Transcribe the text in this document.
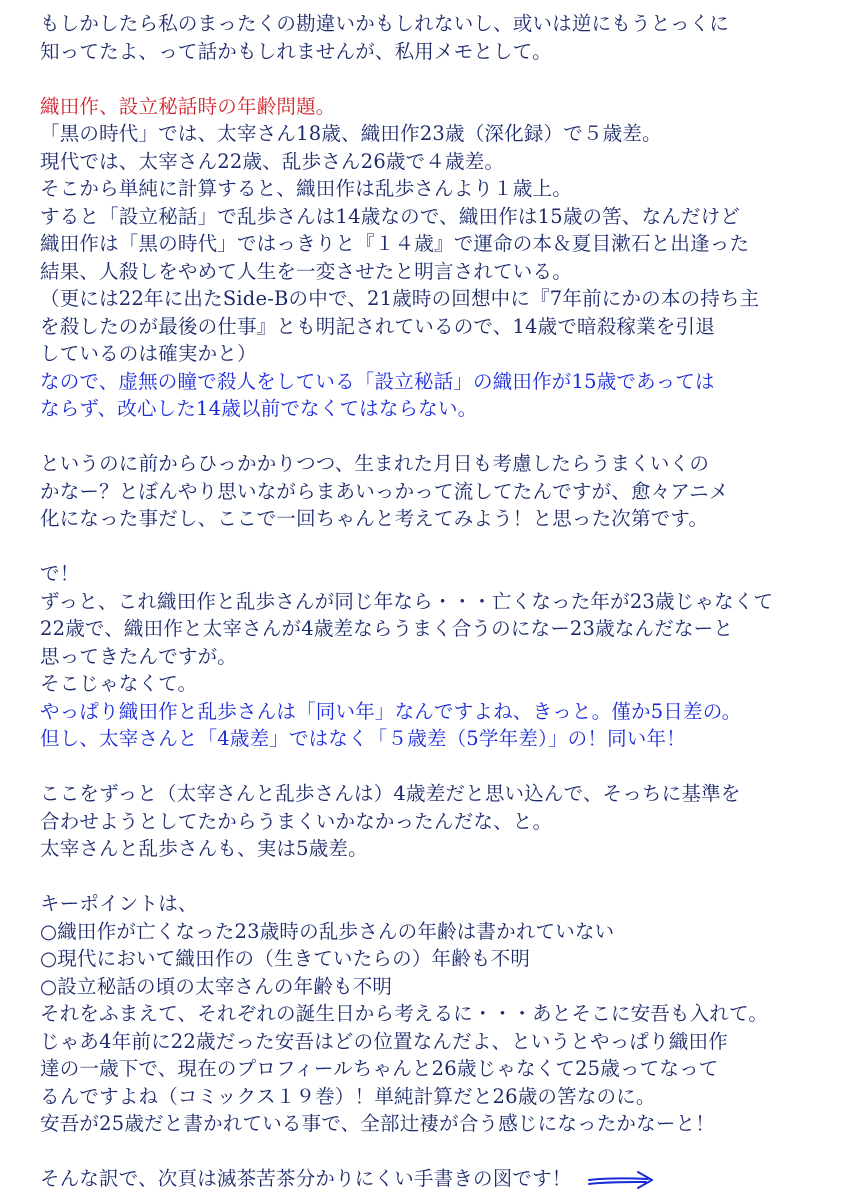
もしかしたら私のまったくの勘違いかもしれないし、或いは逆にもうとっくに
知ってたよ、って話かもしれませんが、私用メモとして。
織田作、設立秘話時の年齢問題。
「黒の時代」では、太宰さん18歳、織田作23歳（深化録）で５歳差。
現代では、太宰さん22歳、乱歩さん26歳で４歳差。
そこから単純に計算すると、織田作は乱歩さんより１歳上。
すると「設立秘話」で乱歩さんは14歳なので、織田作は15歳の筈、なんだけど
織田作は「黒の時代」ではっきりと『１４歳』で運命の本＆夏目漱石と出逢った
結果、人殺しをやめて人生を一変させたと明言されている。
（更には22年に出たSide-Bの中で、21歳時の回想中に『7年前にかの本の持ち主
を殺したのが最後の仕事』とも明記されているので、14歳で暗殺稼業を引退
しているのは確実かと）
なので、虚無の瞳で殺人をしている「設立秘話」の織田作が15歳であっては
ならず、改心した14歳以前でなくてはならない。
というのに前からひっかかりつつ、生まれた月日も考慮したらうまくいくの
かなー？とぼんやり思いながらまあいっかって流してたんですが、愈々アニメ
化になった事だし、ここで一回ちゃんと考えてみよう！と思った次第です。
で！
ずっと、これ織田作と乱歩さんが同じ年なら・・・亡くなった年が23歳じゃなくて
22歳で、織田作と太宰さんが4歳差ならうまく合うのになー23歳なんだなーと
思ってきたんですが。
そこじゃなくて。
やっぱり織田作と乱歩さんは「同い年」なんですよね、きっと。僅か5日差の。
但し、太宰さんと「4歳差」ではなく「５歳差（5学年差）」の！同い年！
ここをずっと（太宰さんと乱歩さんは）4歳差だと思い込んで、そっちに基準を
合わせようとしてたからうまくいかなかったんだな、と。
太宰さんと乱歩さんも、実は5歳差。
キーポイントは、
○織田作が亡くなった23歳時の乱歩さんの年齢は書かれていない
○現代において織田作の（生きていたらの）年齢も不明
○設立秘話の頃の太宰さんの年齢も不明
それをふまえて、それぞれの誕生日から考えるに・・・あとそこに安吾も入れて。
じゃあ4年前に22歳だった安吾はどの位置なんだよ、というとやっぱり織田作
達の一歳下で、現在のプロフィールちゃんと26歳じゃなくて25歳ってなって
るんですよね（コミックス１９巻）！単純計算だと26歳の筈なのに。
安吾が25歳だと書かれている事で、全部辻褄が合う感じになったかなーと！
そんな訳で、次頁は滅茶苦茶分かりにくい手書きの図です！
